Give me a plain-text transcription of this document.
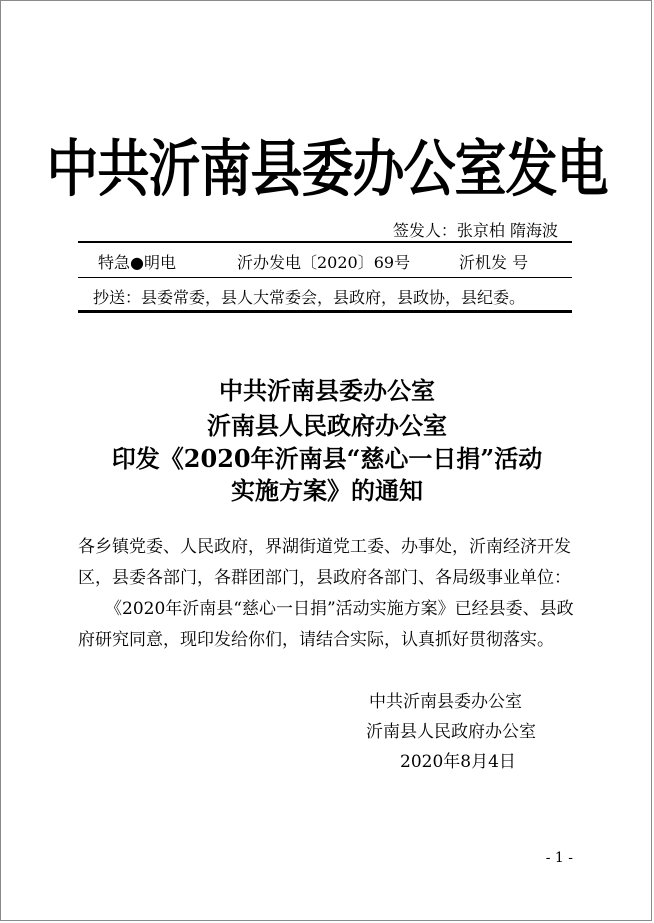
中共沂南县委办公室发电
签发人：张京柏 隋海波
特急●明电	沂办发电〔2020〕69号	沂机发 号
抄送：县委常委，县人大常委会，县政府，县政协，县纪委。
中共沂南县委办公室
沂南县人民政府办公室
印发《2020年沂南县“慈心一日捐”活动
实施方案》的通知
各乡镇党委、人民政府，界湖街道党工委、办事处，沂南经济开发
区，县委各部门，各群团部门，县政府各部门、各局级事业单位：
《2020年沂南县“慈心一日捐”活动实施方案》已经县委、县政
府研究同意，现印发给你们，请结合实际，认真抓好贯彻落实。
中共沂南县委办公室
沂南县人民政府办公室
2020年8月4日
- 1 -
